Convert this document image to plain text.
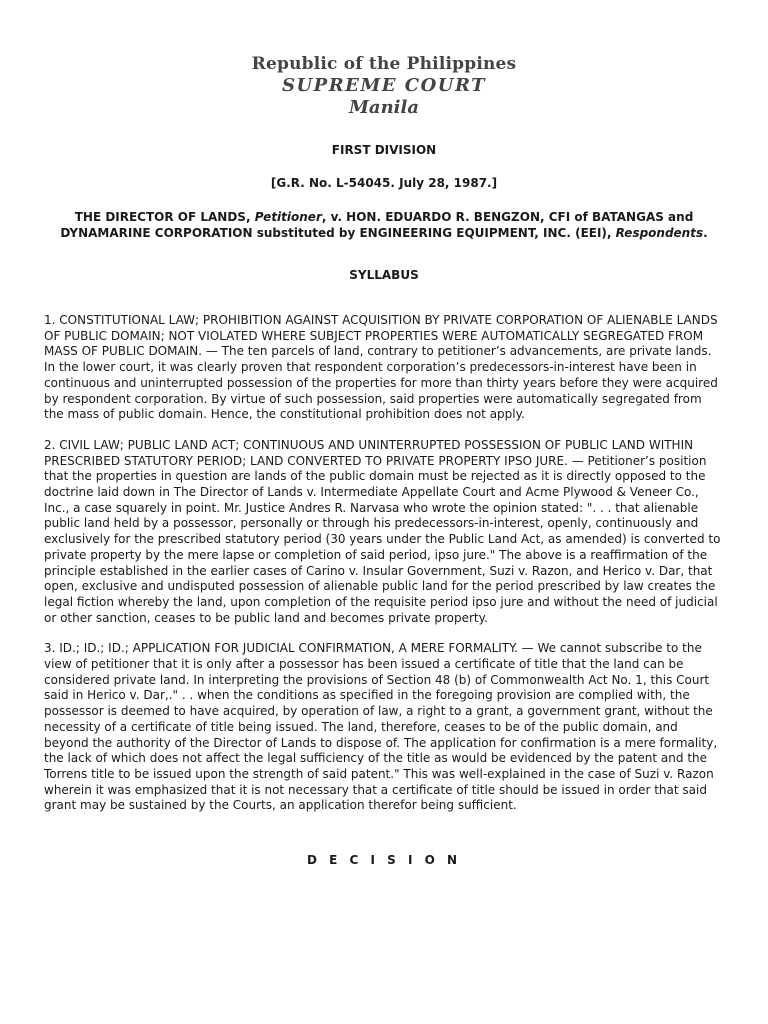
Republic of the Philippines
SUPREME COURT
Manila
FIRST DIVISION
[G.R. No. L-54045. July 28, 1987.]
THE DIRECTOR OF LANDS, Petitioner, v. HON. EDUARDO R. BENGZON, CFI of BATANGAS and DYNAMARINE CORPORATION substituted by ENGINEERING EQUIPMENT, INC. (EEI), Respondents.
SYLLABUS

1. CONSTITUTIONAL LAW; PROHIBITION AGAINST ACQUISITION BY PRIVATE CORPORATION OF ALIENABLE LANDS OF PUBLIC DOMAIN; NOT VIOLATED WHERE SUBJECT PROPERTIES WERE AUTOMATICALLY SEGREGATED FROM MASS OF PUBLIC DOMAIN. — The ten parcels of land, contrary to petitioner’s advancements, are private lands. In the lower court, it was clearly proven that respondent corporation’s predecessors-in-interest have been in continuous and uninterrupted possession of the properties for more than thirty years before they were acquired by respondent corporation. By virtue of such possession, said properties were automatically segregated from the mass of public domain. Hence, the constitutional prohibition does not apply.

2. CIVIL LAW; PUBLIC LAND ACT; CONTINUOUS AND UNINTERRUPTED POSSESSION OF PUBLIC LAND WITHIN PRESCRIBED STATUTORY PERIOD; LAND CONVERTED TO PRIVATE PROPERTY IPSO JURE. — Petitioner’s position that the properties in question are lands of the public domain must be rejected as it is directly opposed to the doctrine laid down in The Director of Lands v. Intermediate Appellate Court and Acme Plywood & Veneer Co., Inc., a case squarely in point. Mr. Justice Andres R. Narvasa who wrote the opinion stated: ". . . that alienable public land held by a possessor, personally or through his predecessors-in-interest, openly, continuously and exclusively for the prescribed statutory period (30 years under the Public Land Act, as amended) is converted to private property by the mere lapse or completion of said period, ipso jure." The above is a reaffirmation of the principle established in the earlier cases of Carino v. Insular Government, Suzi v. Razon, and Herico v. Dar, that open, exclusive and undisputed possession of alienable public land for the period prescribed by law creates the legal fiction whereby the land, upon completion of the requisite period ipso jure and without the need of judicial or other sanction, ceases to be public land and becomes private property.

3. ID.; ID.; ID.; APPLICATION FOR JUDICIAL CONFIRMATION, A MERE FORMALITY. — We cannot subscribe to the view of petitioner that it is only after a possessor has been issued a certificate of title that the land can be considered private land. In interpreting the provisions of Section 48 (b) of Commonwealth Act No. 1, this Court said in Herico v. Dar,." . . when the conditions as specified in the foregoing provision are complied with, the possessor is deemed to have acquired, by operation of law, a right to a grant, a government grant, without the necessity of a certificate of title being issued. The land, therefore, ceases to be of the public domain, and beyond the authority of the Director of Lands to dispose of. The application for confirmation is a mere formality, the lack of which does not affect the legal sufficiency of the title as would be evidenced by the patent and the Torrens title to be issued upon the strength of said patent." This was well-explained in the case of Suzi v. Razon wherein it was emphasized that it is not necessary that a certificate of title should be issued in order that said grant may be sustained by the Courts, an application therefor being sufficient.

D E C I S I O N
